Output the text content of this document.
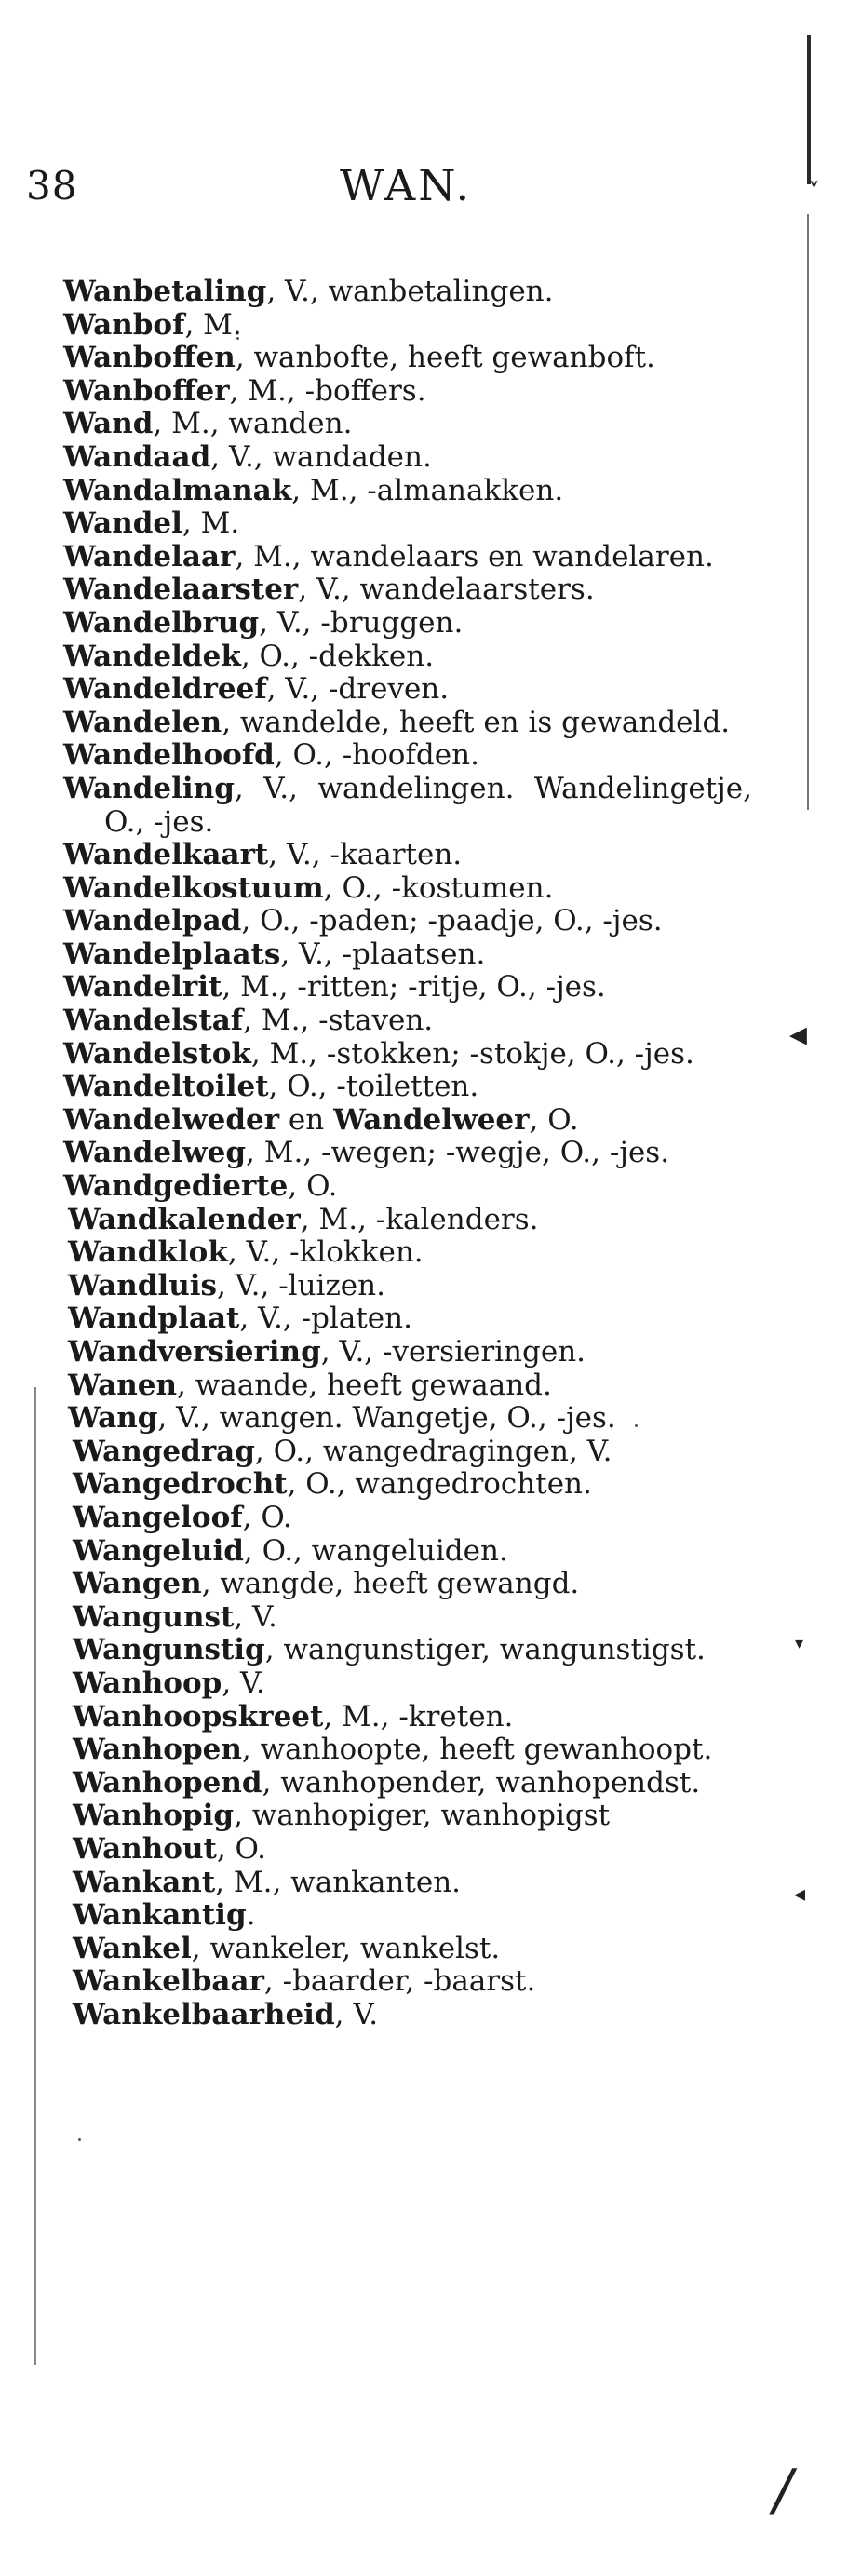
˅
◂
▾
◂
/
38	WAN.

Wanbetaling, V., wanbetalingen.

Wanbof, M.

Wanboffen, wanbofte, heeft gewanboft.

Wanboffer, M., -boffers.

Wand, M., wanden.

Wandaad, V., wandaden.

Wandalmanak, M., -almanakken.

Wandel, M.

Wandelaar, M., wandelaars en wandelaren.

Wandelaarster, V., wandelaarsters.

Wandelbrug, V., -bruggen.

Wandeldek, O., -dekken.

Wandeldreef, V., -dreven.

Wandelen, wandelde, heeft en is gewandeld.

Wandelhoofd, O., -hoofden.

Wandeling, V., wandelingen. Wandelingetje, O., -jes.

Wandelkaart, V., -kaarten.

Wandelkostuum, O., -kostumen.

Wandelpad, O., -paden; -paadje, O., -jes.

Wandelplaats, V., -plaatsen.

Wandelrit, M., -ritten; -ritje, O., -jes.

Wandelstaf, M., -staven.

Wandelstok, M., -stokken; -stokje, O., -jes.

Wandeltoilet, O., -toiletten.

Wandelweder en Wandelweer, O.

Wandelweg, M., -wegen; -wegje, O., -jes.

Wandgedierte, O.

Wandkalender, M., -kalenders.

Wandklok, V., -klokken.

Wandluis, V., -luizen.

Wandplaat, V., -platen.

Wandversiering, V., -versieringen.

Wanen, waande, heeft gewaand.

Wang, V., wangen. Wangetje, O., -jes.

Wangedrag, O., wangedragingen, V.

Wangedrocht, O., wangedrochten.

Wangeloof, O.

Wangeluid, O., wangeluiden.

Wangen, wangde, heeft gewangd.

Wangunst, V.

Wangunstig, wangunstiger, wangunstigst.

Wanhoop, V.

Wanhoopskreet, M., -kreten.

Wanhopen, wanhoopte, heeft gewanhoopt.

Wanhopend, wanhopender, wanhopendst.

Wanhopig, wanhopiger, wanhopigst

Wanhout, O.

Wankant, M., wankanten.

Wankantig.

Wankel, wankeler, wankelst.

Wankelbaar, -baarder, -baarst.

Wankelbaarheid, V.
